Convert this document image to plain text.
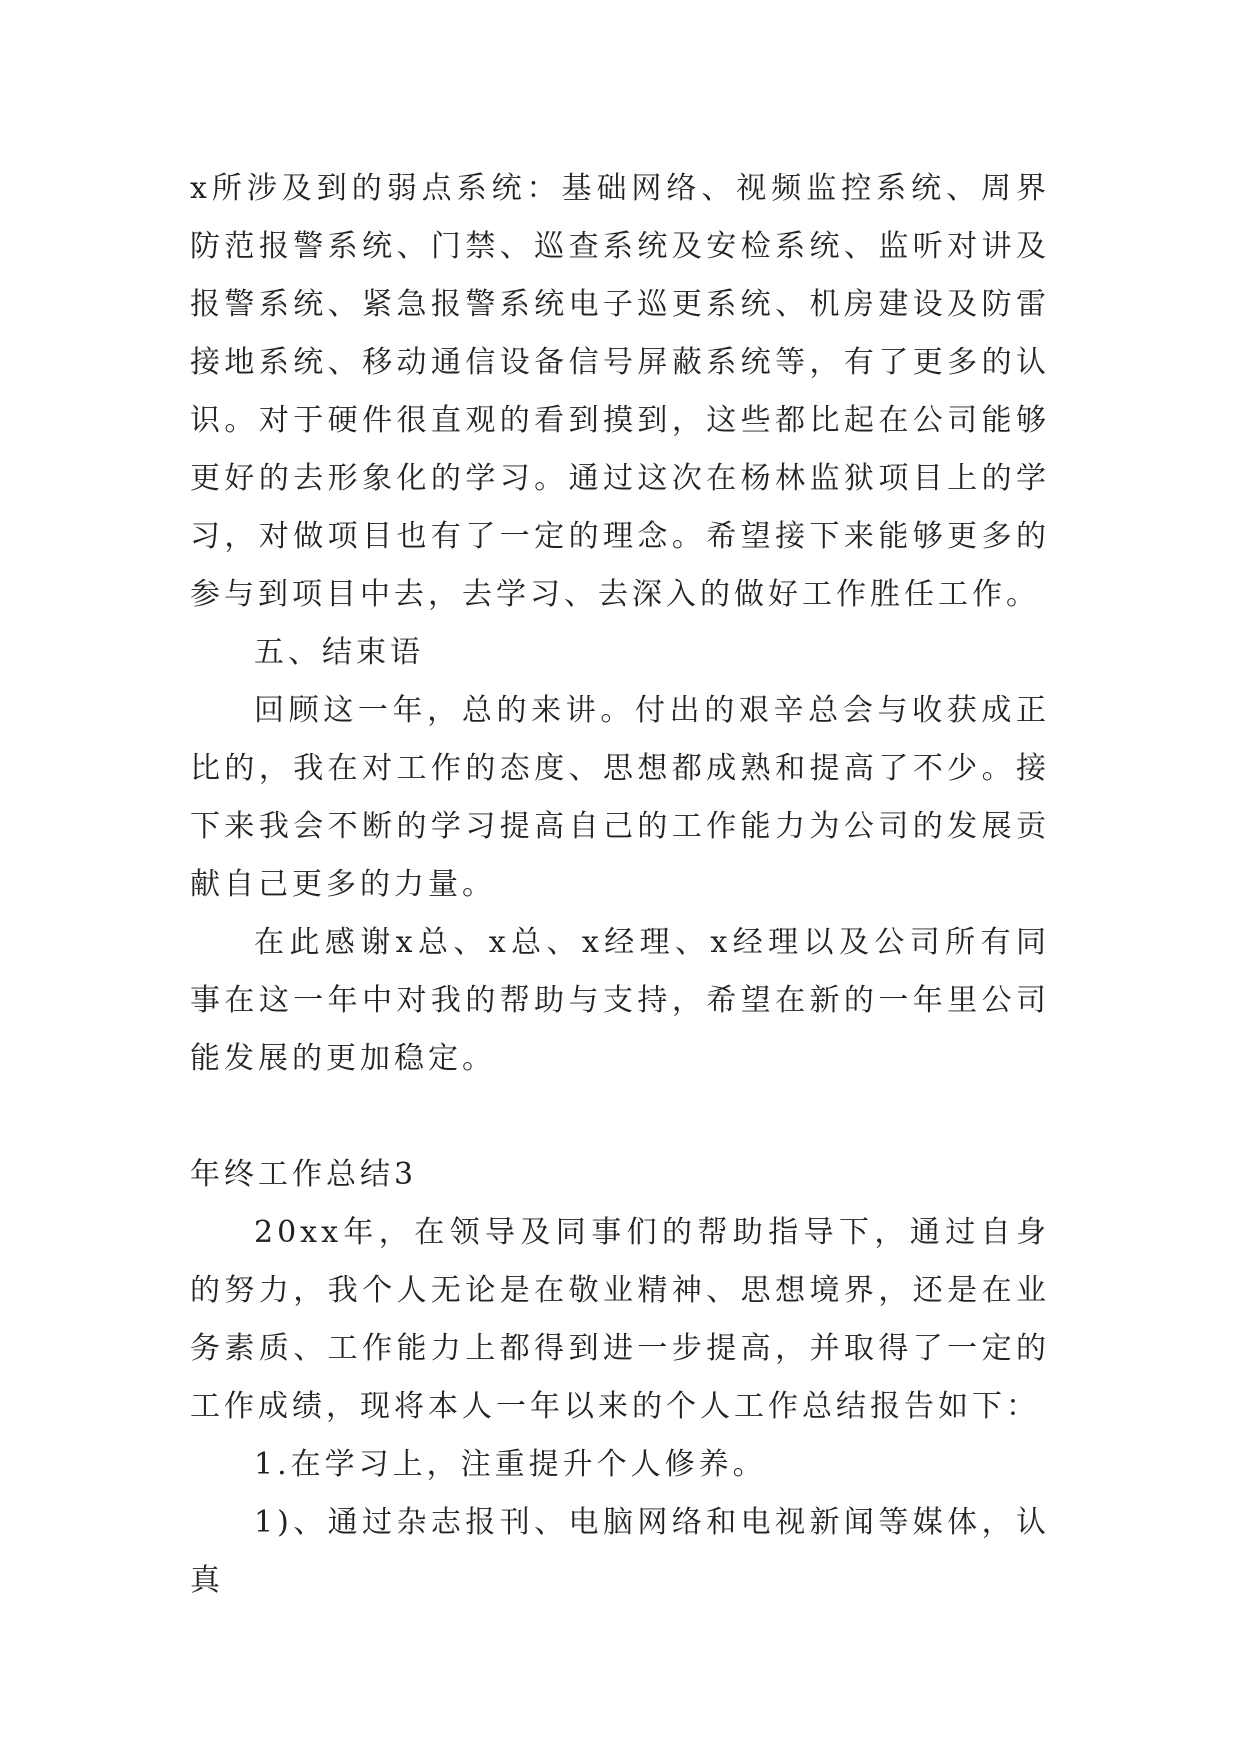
x所涉及到的弱点系统：基础网络、视频监控系统、周界防范报警系统、门禁、巡查系统及安检系统、监听对讲及报警系统、紧急报警系统电子巡更系统、机房建设及防雷接地系统、移动通信设备信号屏蔽系统等，有了更多的认识。对于硬件很直观的看到摸到，这些都比起在公司能够更好的去形象化的学习。通过这次在杨林监狱项目上的学习，对做项目也有了一定的理念。希望接下来能够更多的参与到项目中去，去学习、去深入的做好工作胜任工作。

五、结束语

回顾这一年，总的来讲。付出的艰辛总会与收获成正比的，我在对工作的态度、思想都成熟和提高了不少。接下来我会不断的学习提高自己的工作能力为公司的发展贡献自己更多的力量。

在此感谢x总、x总、x经理、x经理以及公司所有同事在这一年中对我的帮助与支持，希望在新的一年里公司能发展的更加稳定。

年终工作总结3

20xx年，在领导及同事们的帮助指导下，通过自身的努力，我个人无论是在敬业精神、思想境界，还是在业务素质、工作能力上都得到进一步提高，并取得了一定的工作成绩，现将本人一年以来的个人工作总结报告如下：

1.在学习上，注重提升个人修养。

1)、通过杂志报刊、电脑网络和电视新闻等媒体，认真
